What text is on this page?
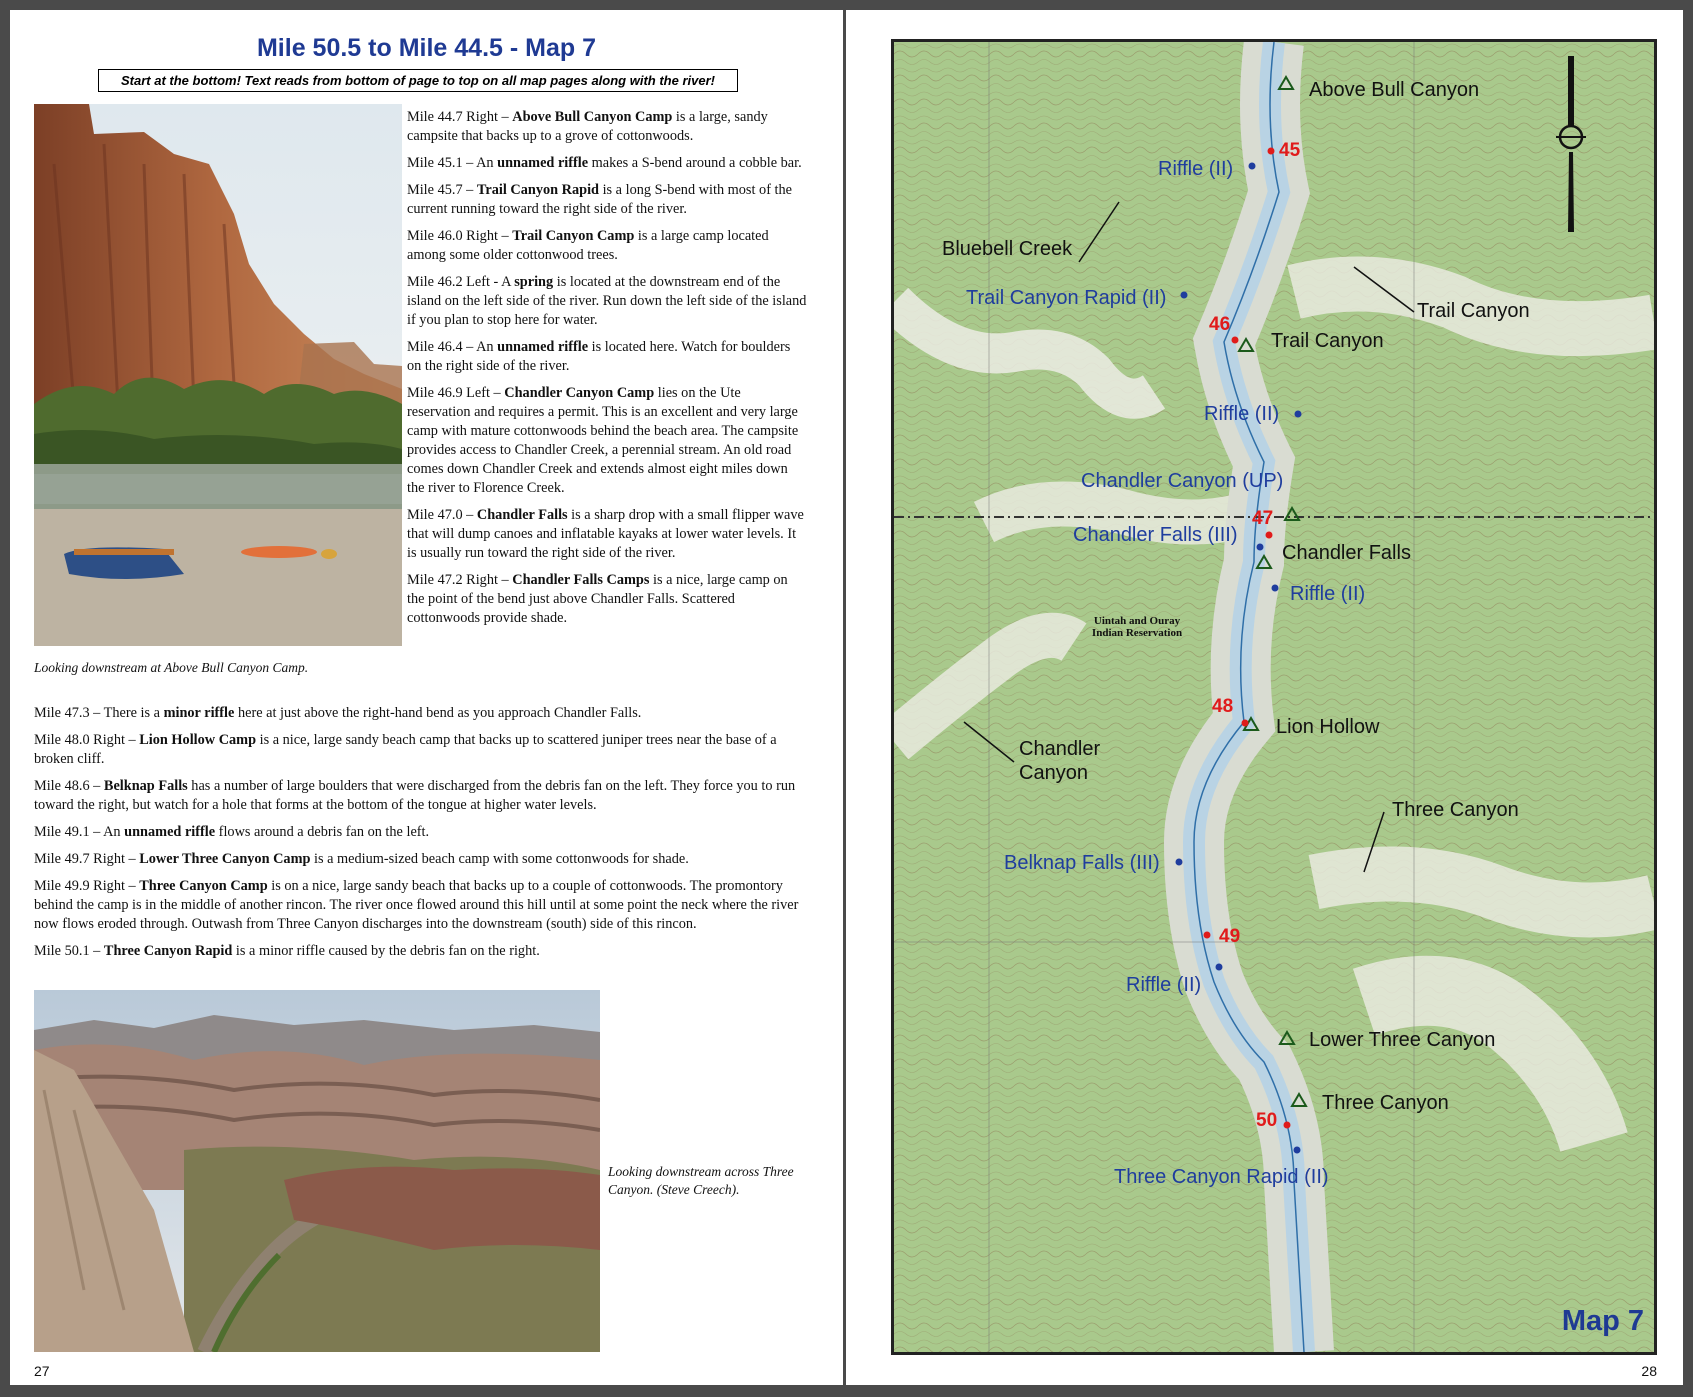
Mile 50.5 to Mile 44.5 - Map 7
Start at the bottom! Text reads from bottom of page to top on all map pages along with the river!
Looking downstream at Above Bull Canyon Camp.

Mile 44.7 Right – Above Bull Canyon Camp is a large, sandy campsite that backs up to a grove of cottonwoods.

Mile 45.1 – An unnamed riffle makes a S-bend around a cobble bar.

Mile 45.7 – Trail Canyon Rapid is a long S-bend with most of the current running toward the right side of the river.

Mile 46.0 Right – Trail Canyon Camp is a large camp located among some older cottonwood trees.

Mile 46.2 Left - A spring is located at the downstream end of the island on the left side of the river. Run down the left side of the island if you plan to stop here for water.

Mile 46.4 – An unnamed riffle is located here. Watch for boulders on the right side of the river.

Mile 46.9 Left – Chandler Canyon Camp lies on the Ute reservation and requires a permit. This is an excellent and very large camp with mature cottonwoods behind the beach area. The campsite provides access to Chandler Creek, a perennial stream. An old road comes down Chandler Creek and extends almost eight miles down the river to Florence Creek.

Mile 47.0 – Chandler Falls is a sharp drop with a small flipper wave that will dump canoes and inflatable kayaks at lower water levels. It is usually run toward the right side of the river.

Mile 47.2 Right – Chandler Falls Camps is a nice, large camp on the point of the bend just above Chandler Falls. Scattered cottonwoods provide shade.

Mile 47.3 – There is a minor riffle here at just above the right-hand bend as you approach Chandler Falls.

Mile 48.0 Right – Lion Hollow Camp is a nice, large sandy beach camp that backs up to scattered juniper trees near the base of a broken cliff.

Mile 48.6 – Belknap Falls has a number of large boulders that were discharged from the debris fan on the left. They force you to run toward the right, but watch for a hole that forms at the bottom of the tongue at higher water levels.

Mile 49.1 – An unnamed riffle flows around a debris fan on the left.

Mile 49.7 Right – Lower Three Canyon Camp is a medium-sized beach camp with some cottonwoods for shade.

Mile 49.9 Right – Three Canyon Camp is on a nice, large sandy beach that backs up to a couple of cottonwoods. The promontory behind the camp is in the middle of another rincon. The river once flowed around this hill until at some point the neck where the river now flows eroded through. Outwash from Three Canyon discharges into the downstream (south) side of this rincon.

Mile 50.1 – Three Canyon Rapid is a minor riffle caused by the debris fan on the right.

Looking downstream across Three Canyon. (Steve Creech).
27
Above Bull Canyon
Riffle (II)
45
Bluebell Creek
Trail Canyon Rapid (II)
Trail Canyon
46
Trail Canyon
Riffle (II)
Chandler Canyon (UP)
Chandler Falls (III)
47
Chandler Falls
Riffle (II)
Uintah and Ouray Indian Reservation
48
Lion Hollow
Chandler
Canyon
Three Canyon
Belknap Falls (III)
49
Riffle (II)
Lower Three Canyon
Three Canyon
50
Three Canyon Rapid (II)
Map 7
28
